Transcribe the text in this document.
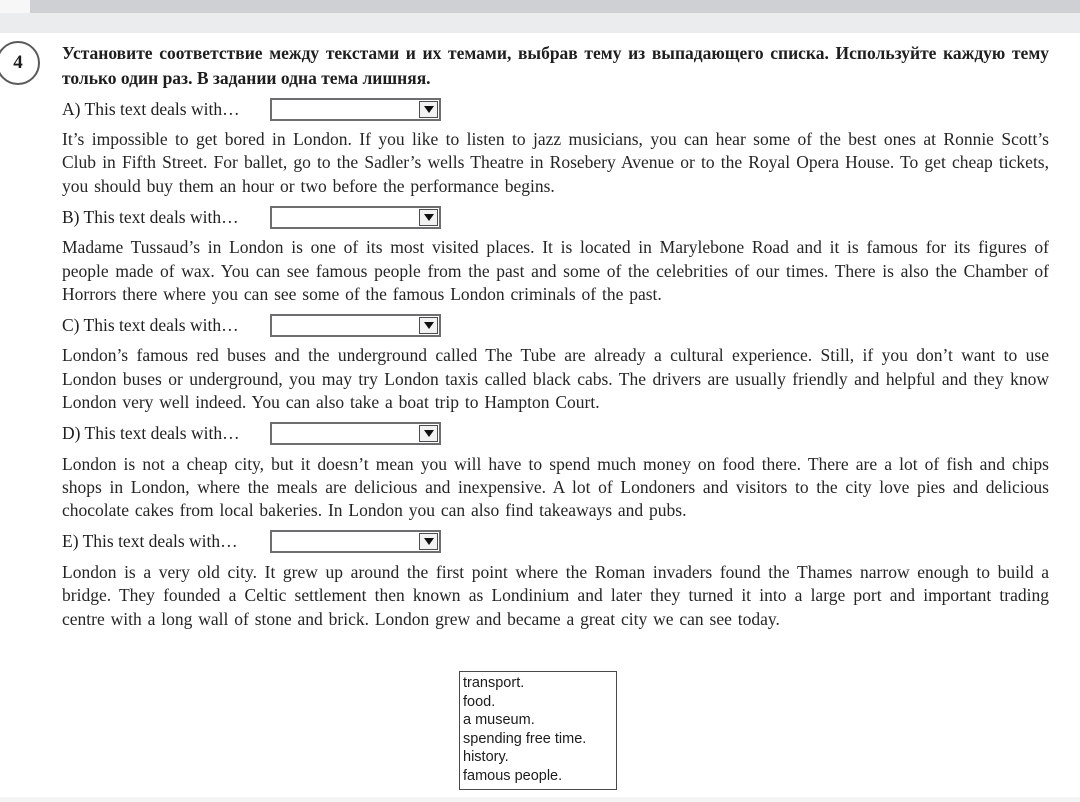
4 Установите соответствие между текстами и их темами, выбрав тему из выпадающего списка. Используйте каждую тему только один раз. В задании одна тема лишняя.
A) This text deals with…
It’s impossible to get bored in London. If you like to listen to jazz musicians, you can hear some of the best ones at Ronnie Scott’s Club in Fifth Street. For ballet, go to the Sadler’s wells Theatre in Rosebery Avenue or to the Royal Opera House. To get cheap tickets, you should buy them an hour or two before the performance begins.
B) This text deals with…
Madame Tussaud’s in London is one of its most visited places. It is located in Marylebone Road and it is famous for its figures of people made of wax. You can see famous people from the past and some of the celebrities of our times. There is also the Chamber of Horrors there where you can see some of the famous London criminals of the past.
C) This text deals with…
London’s famous red buses and the underground called The Tube are already a cultural experience. Still, if you don’t want to use London buses or underground, you may try London taxis called black cabs. The drivers are usually friendly and helpful and they know London very well indeed. You can also take a boat trip to Hampton Court.
D) This text deals with…
London is not a cheap city, but it doesn’t mean you will have to spend much money on food there. There are a lot of fish and chips shops in London, where the meals are delicious and inexpensive. A lot of Londoners and visitors to the city love pies and delicious chocolate cakes from local bakeries. In London you can also find takeaways and pubs.
E) This text deals with…
London is a very old city. It grew up around the first point where the Roman invaders found the Thames narrow enough to build a bridge. They founded a Celtic settlement then known as Londinium and later they turned it into a large port and important trading centre with a long wall of stone and brick. London grew and became a great city we can see today.
transport.
food.
a museum.
spending free time.
history.
famous people.
